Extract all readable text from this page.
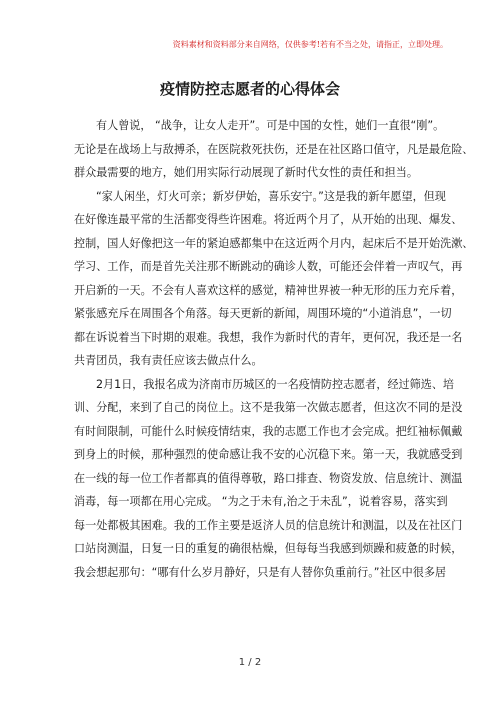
资料素材和资料部分来自网络，仅供参考!若有不当之处，请指正，立即处理。
疫情防控志愿者的心得体会

有人曾说， “战争，让女人走开”。可是中国的女性，她们一直很“刚”。
无论是在战场上与敌搏杀，在医院救死扶伤，还是在社区路口值守，凡是最危险、
群众最需要的地方，她们用实际行动展现了新时代女性的责任和担当。

“家人闲坐，灯火可亲；新岁伊始，喜乐安宁。”这是我的新年愿望，但现
在好像连最平常的生活都变得些许困难。将近两个月了，从开始的出现、爆发、
控制，国人好像把这一年的紧迫感都集中在这近两个月内，起床后不是开始洗漱、
学习、工作，而是首先关注那不断跳动的确诊人数，可能还会伴着一声叹气，再
开启新的一天。不会有人喜欢这样的感觉，精神世界被一种无形的压力充斥着，
紧张感充斥在周围各个角落。每天更新的新闻，周围环境的“小道消息”，一切
都在诉说着当下时期的艰难。我想，我作为新时代的青年，更何况，我还是一名
共青团员，我有责任应该去做点什么。

2月1日，我报名成为济南市历城区的一名疫情防控志愿者，经过筛选、培
训、分配，来到了自己的岗位上。这不是我第一次做志愿者，但这次不同的是没
有时间限制，可能什么时候疫情结束，我的志愿工作也才会完成。把红袖标佩戴
到身上的时候，那种强烈的使命感让我不安的心沉稳下来。第一天，我就感受到
在一线的每一位工作者都真的值得尊敬，路口排查、物资发放、信息统计、测温
消毒，每一项都在用心完成。 “为之于未有,治之于未乱”，说着容易，落实到
每一处都极其困难。我的工作主要是返济人员的信息统计和测温，以及在社区门
口站岗测温，日复一日的重复的确很枯燥，但每每当我感到烦躁和疲惫的时候，
我会想起那句：“哪有什么岁月静好，只是有人替你负重前行。”社区中很多居

1 / 2
